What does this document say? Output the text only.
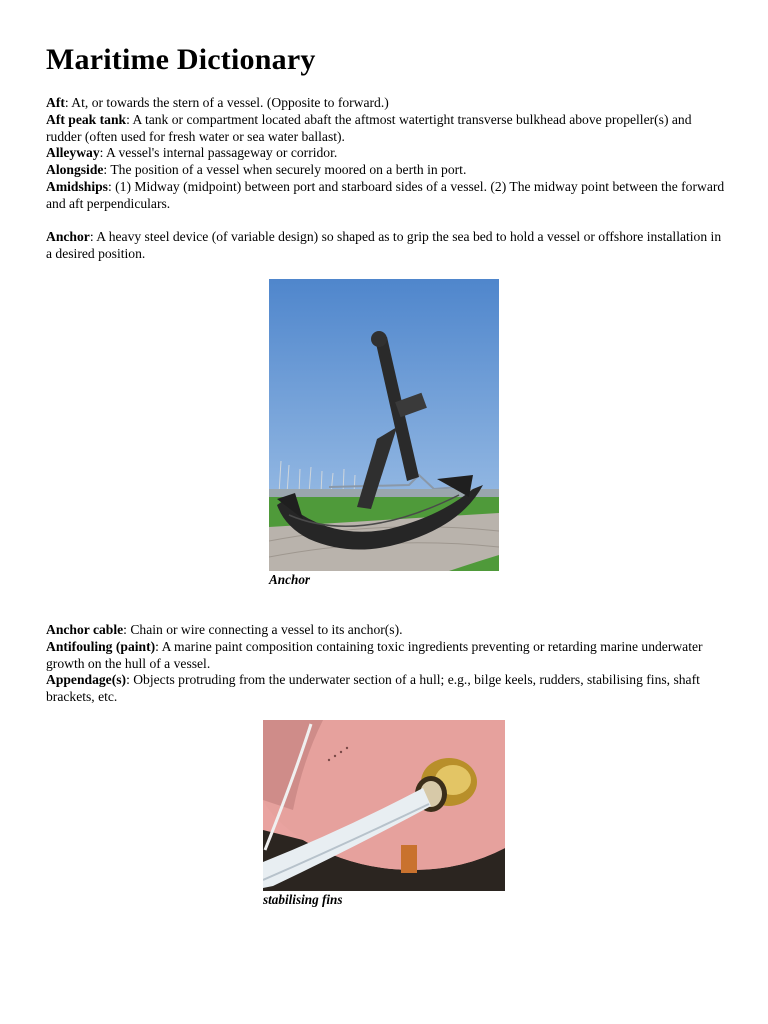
Maritime Dictionary

Aft: At, or towards the stern of a vessel. (Opposite to forward.)

Aft peak tank: A tank or compartment located abaft the aftmost watertight transverse bulkhead above propeller(s) and rudder (often used for fresh water or sea water ballast).

Alleyway: A vessel's internal passageway or corridor.

Alongside: The position of a vessel when securely moored on a berth in port.

Amidships: (1) Midway (midpoint) between port and starboard sides of a vessel. (2) The midway point between the forward and aft perpendiculars.

Anchor: A heavy steel device (of variable design) so shaped as to grip the sea bed to hold a vessel or offshore installation in a desired position.

Anchor

Anchor cable: Chain or wire connecting a vessel to its anchor(s).

Antifouling (paint): A marine paint composition containing toxic ingredients preventing or retarding marine underwater growth on the hull of a vessel.

Appendage(s): Objects protruding from the underwater section of a hull; e.g., bilge keels, rudders, stabilising fins, shaft brackets, etc.

stabilising fins
